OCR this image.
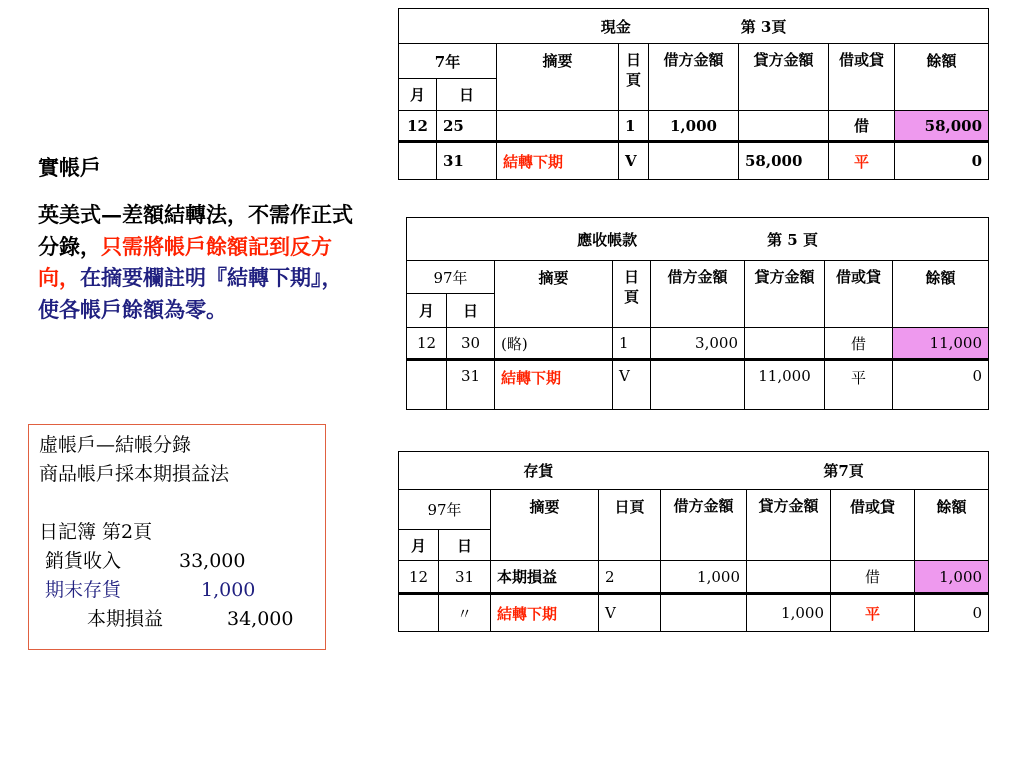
實帳戶
英美式—差額結轉法，不需作正式分錄，只需將帳戶餘額記到反方向，在摘要欄註明『結轉下期』，使各帳戶餘額為零。
虛帳戶—結帳分錄
商品帳戶採本期損益法

日記簿 第2頁
銷貨收入	33,000
期末存貨	1,000
本期損益	34,000
現金 第 3頁							
7年		摘要	日頁	借方金額	貸方金額	借或貸	餘額
月	日						
12	25		1	1,000		借	58,000
	31	結轉下期	V		58,000	平	0
應收帳款 第 5 頁							
97年		摘要	日頁	借方金額	貸方金額	借或貸	餘額
月	日						
12	30	(略)	1	3,000		借	11,000
	31	結轉下期	V		11,000	平	0
存貨 第7頁							
97年		摘要	日頁	借方金額	貸方金額	借或貸	餘額
月	日						
12	31	本期損益	2	1,000		借	1,000
	〃	結轉下期	V		1,000	平	0
